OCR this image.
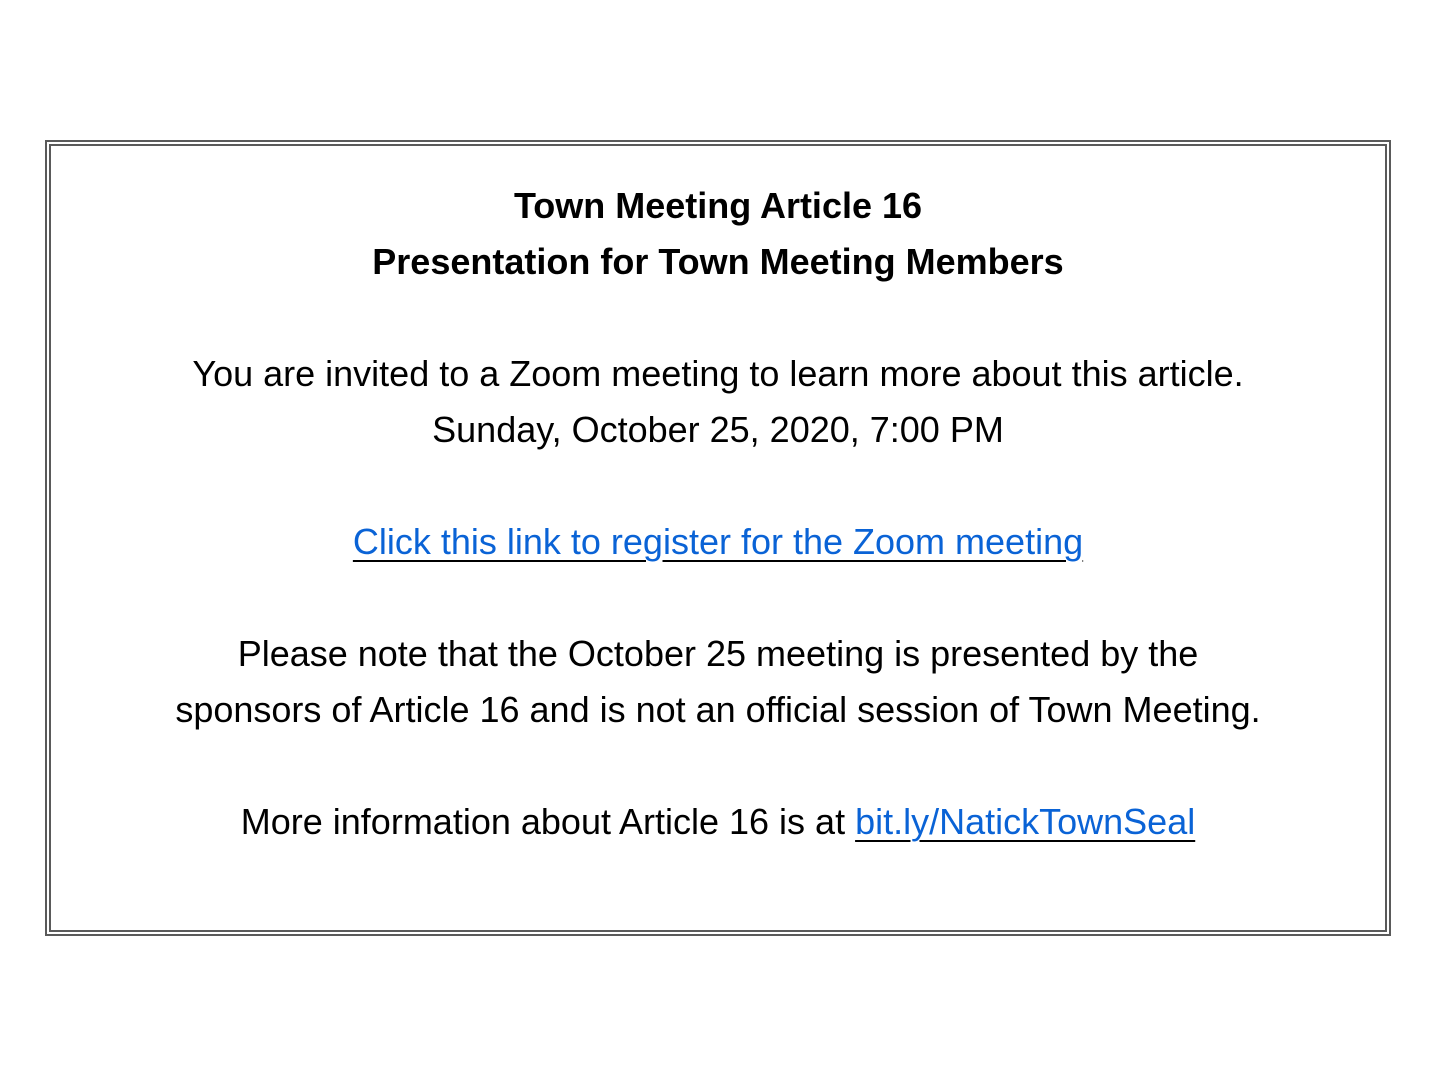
Town Meeting Article 16

Presentation for Town Meeting Members

You are invited to a Zoom meeting to learn more about this article.

Sunday, October 25, 2020, 7:00 PM

Click this link to register for the Zoom meeting

Please note that the October 25 meeting is presented by the

sponsors of Article 16 and is not an official session of Town Meeting.

More information about Article 16 is at bit.ly/NatickTownSeal
